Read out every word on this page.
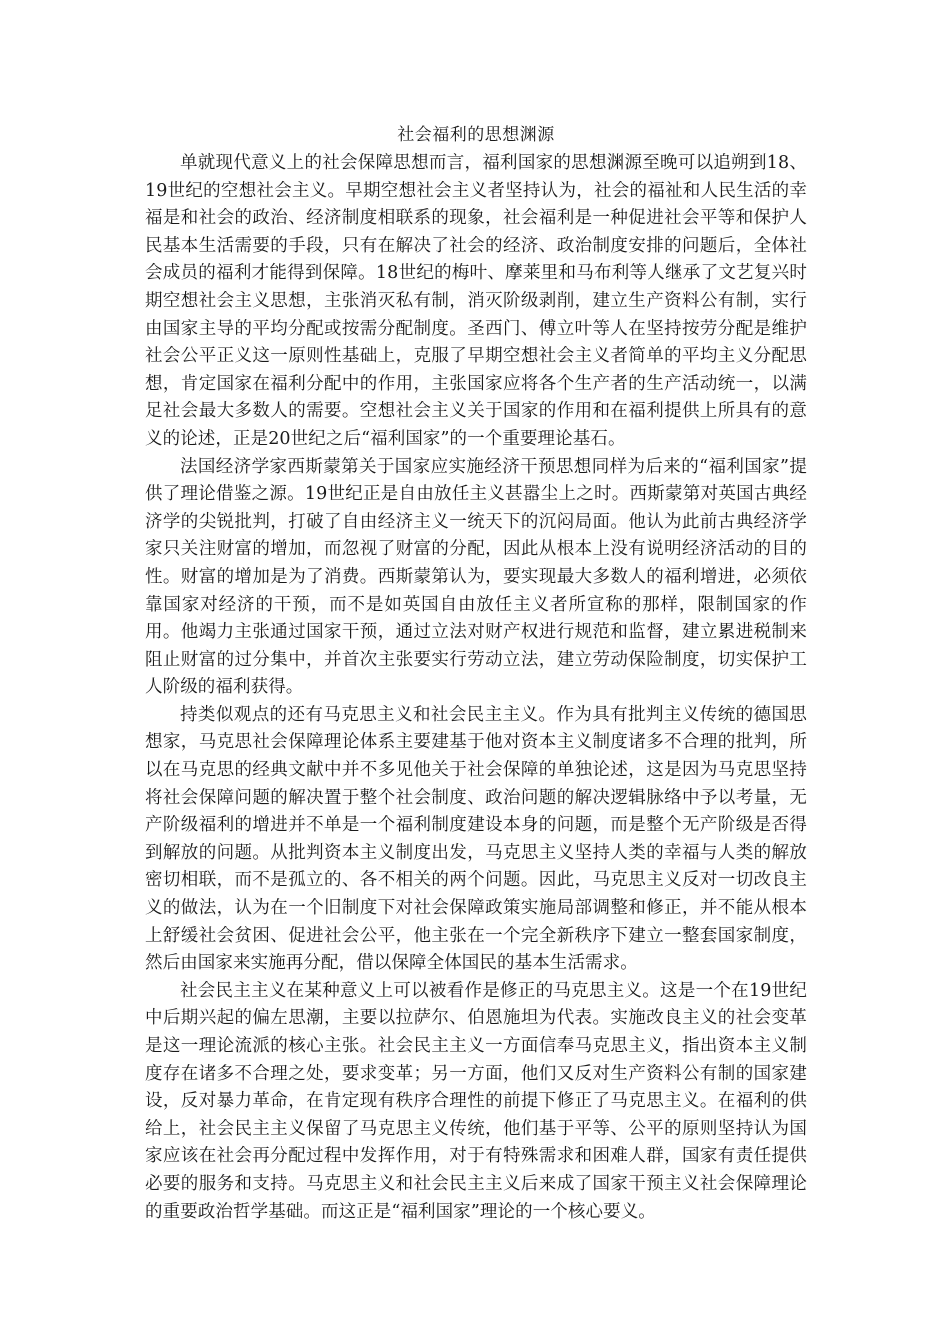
社会福利的思想渊源

单就现代意义上的社会保障思想而言，福利国家的思想渊源至晚可以追朔到18、19世纪的空想社会主义。早期空想社会主义者坚持认为，社会的福祉和人民生活的幸福是和社会的政治、经济制度相联系的现象，社会福利是一种促进社会平等和保护人民基本生活需要的手段，只有在解决了社会的经济、政治制度安排的问题后，全体社会成员的福利才能得到保障。18世纪的梅叶、摩莱里和马布利等人继承了文艺复兴时期空想社会主义思想，主张消灭私有制，消灭阶级剥削，建立生产资料公有制，实行由国家主导的平均分配或按需分配制度。圣西门、傅立叶等人在坚持按劳分配是维护社会公平正义这一原则性基础上，克服了早期空想社会主义者简单的平均主义分配思想，肯定国家在福利分配中的作用，主张国家应将各个生产者的生产活动统一，以满足社会最大多数人的需要。空想社会主义关于国家的作用和在福利提供上所具有的意义的论述，正是20世纪之后“福利国家”的一个重要理论基石。

法国经济学家西斯蒙第关于国家应实施经济干预思想同样为后来的“福利国家”提供了理论借鉴之源。19世纪正是自由放任主义甚嚣尘上之时。西斯蒙第对英国古典经济学的尖锐批判，打破了自由经济主义一统天下的沉闷局面。他认为此前古典经济学家只关注财富的增加，而忽视了财富的分配，因此从根本上没有说明经济活动的目的性。财富的增加是为了消费。西斯蒙第认为，要实现最大多数人的福利增进，必须依靠国家对经济的干预，而不是如英国自由放任主义者所宣称的那样，限制国家的作用。他竭力主张通过国家干预，通过立法对财产权进行规范和监督，建立累进税制来阻止财富的过分集中，并首次主张要实行劳动立法，建立劳动保险制度，切实保护工人阶级的福利获得。

持类似观点的还有马克思主义和社会民主主义。作为具有批判主义传统的德国思想家，马克思社会保障理论体系主要建基于他对资本主义制度诸多不合理的批判，所以在马克思的经典文献中并不多见他关于社会保障的单独论述，这是因为马克思坚持将社会保障问题的解决置于整个社会制度、政治问题的解决逻辑脉络中予以考量，无产阶级福利的增进并不单是一个福利制度建设本身的问题，而是整个无产阶级是否得到解放的问题。从批判资本主义制度出发，马克思主义坚持人类的幸福与人类的解放密切相联，而不是孤立的、各不相关的两个问题。因此，马克思主义反对一切改良主义的做法，认为在一个旧制度下对社会保障政策实施局部调整和修正，并不能从根本上舒缓社会贫困、促进社会公平，他主张在一个完全新秩序下建立一整套国家制度，然后由国家来实施再分配，借以保障全体国民的基本生活需求。

社会民主主义在某种意义上可以被看作是修正的马克思主义。这是一个在19世纪中后期兴起的偏左思潮，主要以拉萨尔、伯恩施坦为代表。实施改良主义的社会变革是这一理论流派的核心主张。社会民主主义一方面信奉马克思主义，指出资本主义制度存在诸多不合理之处，要求变革；另一方面，他们又反对生产资料公有制的国家建设，反对暴力革命，在肯定现有秩序合理性的前提下修正了马克思主义。在福利的供给上，社会民主主义保留了马克思主义传统，他们基于平等、公平的原则坚持认为国家应该在社会再分配过程中发挥作用，对于有特殊需求和困难人群，国家有责任提供必要的服务和支持。马克思主义和社会民主主义后来成了国家干预主义社会保障理论的重要政治哲学基础。而这正是“福利国家”理论的一个核心要义。
